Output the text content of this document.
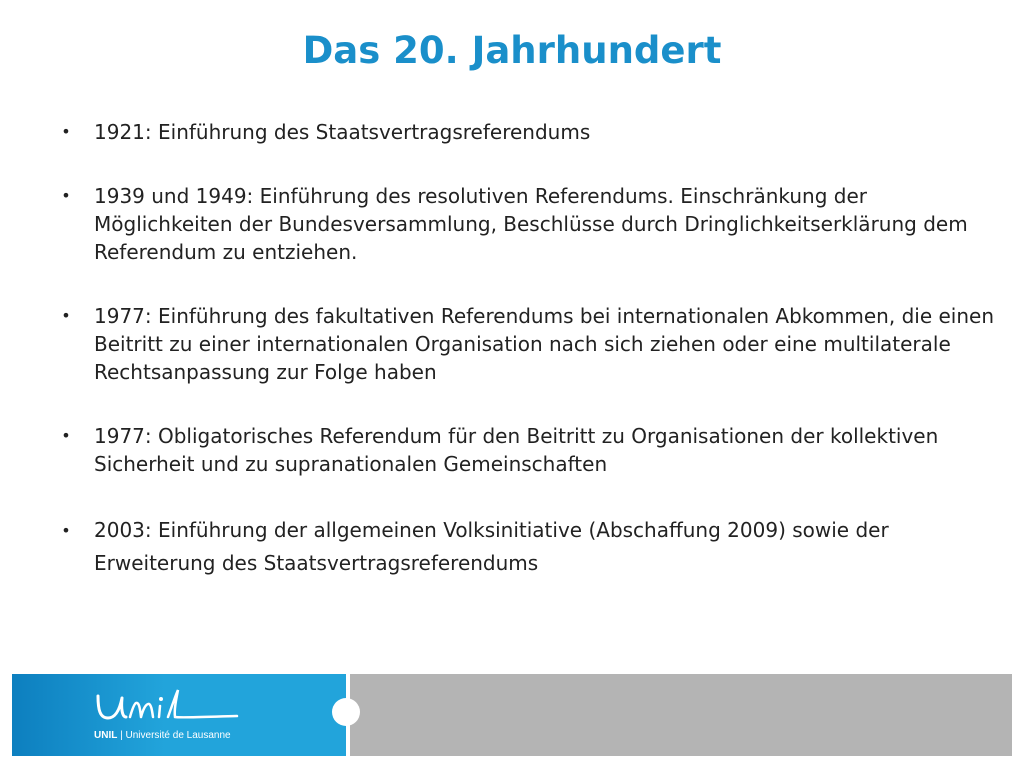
Das 20. Jahrhundert
• 1921: Einführung des Staatsvertragsreferendums
• 1939 und 1949: Einführung des resolutiven Referendums. Einschränkung der Möglichkeiten der Bundesversammlung, Beschlüsse durch Dringlichkeitserklärung dem Referendum zu entziehen.
• 1977: Einführung des fakultativen Referendums bei internationalen Abkommen, die einen Beitritt zu einer internationalen Organisation nach sich ziehen oder eine multilaterale Rechtsanpassung zur Folge haben
• 1977: Obligatorisches Referendum für den Beitritt zu Organisationen der kollektiven Sicherheit und zu supranationalen Gemeinschaften
• 2003: Einführung der allgemeinen Volksinitiative (Abschaffung 2009) sowie der Erweiterung des Staatsvertragsreferendums
UNIL | Université de Lausanne
